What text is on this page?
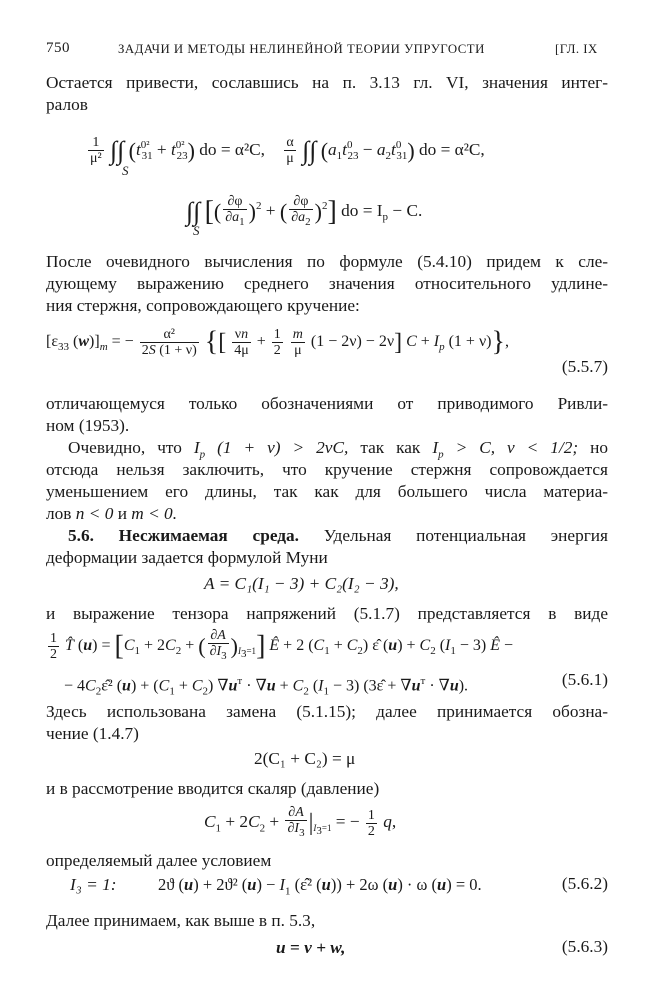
750	ЗАДАЧИ И МЕТОДЫ НЕЛИНЕЙНОЙ ТЕОРИИ УПРУГОСТИ	[ГЛ. IX
Остается привести, сославшись на п. 3.13 гл. VI, значения интег-
ралов
$\frac{1}{\text{μ²}}$ ∫∫ $(t^{0^2}_{31} + t^{0^2}_{23})$ do = α²C, $\frac{\alpha}{\mu}$ ∫∫ $(a_1t^0_{23} - a_2t^0_{31})$ do = α²C,
S
∫∫ [( $\frac{\partial\varphi}{\partial a_1} )^2$ + ( $\frac{\partial\varphi}{\partial a_2} )^2$] do = $I_p - C$.
S
После очевидного вычисления по формуле (5.4.10) придем к сле-
дующему выражению среднего значения относительного удлине-
ния стержня, сопровождающего кручение:
[$\varepsilon_{33}$ $(w)]_m$ = − $\frac{\text{α²}}{2S (1 + \nu)}$ {[ $\frac{\nu n}{4\mu} + \frac{1}{2}$
$\frac{m}{\mu} (1 - 2\nu) - 2\nu$] $C + I_p$ (1 + ν)},
(5.5.7)
отличающемуся только обозначениями от приводимого Ривли-
ном (1953).
Очевидно, что $I_p$ (1 + ν) > 2νC, так как $I_p > C$, ν < 1/2; но
отсюда нельзя заключить, что кручение стержня сопровождается
уменьшением его длины, так как для большего числа материа-
лов n < 0 и m < 0.
5.6. Несжимаемая среда. Удельная потенциальная энергия
деформации задается формулой Муни
A = C₁(I₁ − 3) + C₂(I₂ − 3),
и выражение тензора напряжений (5.1.7) представляется в виде
$\frac{1}{2}$ T̂ $(u) = [C_1 + 2C_2$ + ( $\frac{\partial A}{\partial I_3} )_{I_3=1}$] Ê + 2 $(C_1 + C_2)$ ε̂ $(u) + C_2$ $(I_1 - 3)$ Ê −
− $4C_2\varepsilon̂^2$ $(u) + (C_1 + C_2) \nabla u^т \cdot \nabla u + C_2$ $(I_1 - 3)$ (3ε̂ + $\nabla u^т \cdot \nabla u$).	(5.6.1)
Здесь использована замена (5.1.15); далее принимается обозна-
чение (1.4.7)
2(C₁ + C₂) = μ
и в рассмотрение вводится скаляр (давление)
$C_1 + 2C_2 + \frac{\partial A}{\partial I_3} |_{I_3=1}$ = − $\frac{1}{2} q$,
определяемый далее условием
I₃ = 1:	2ϑ (u) + 2ϑ² $(u) - I_1$ (ε̂² (u)) + 2ω (u) · ω (u) = 0.	(5.6.2)
Далее принимаем, как выше в п. 5.3,
u = v + w,	(5.6.3)
